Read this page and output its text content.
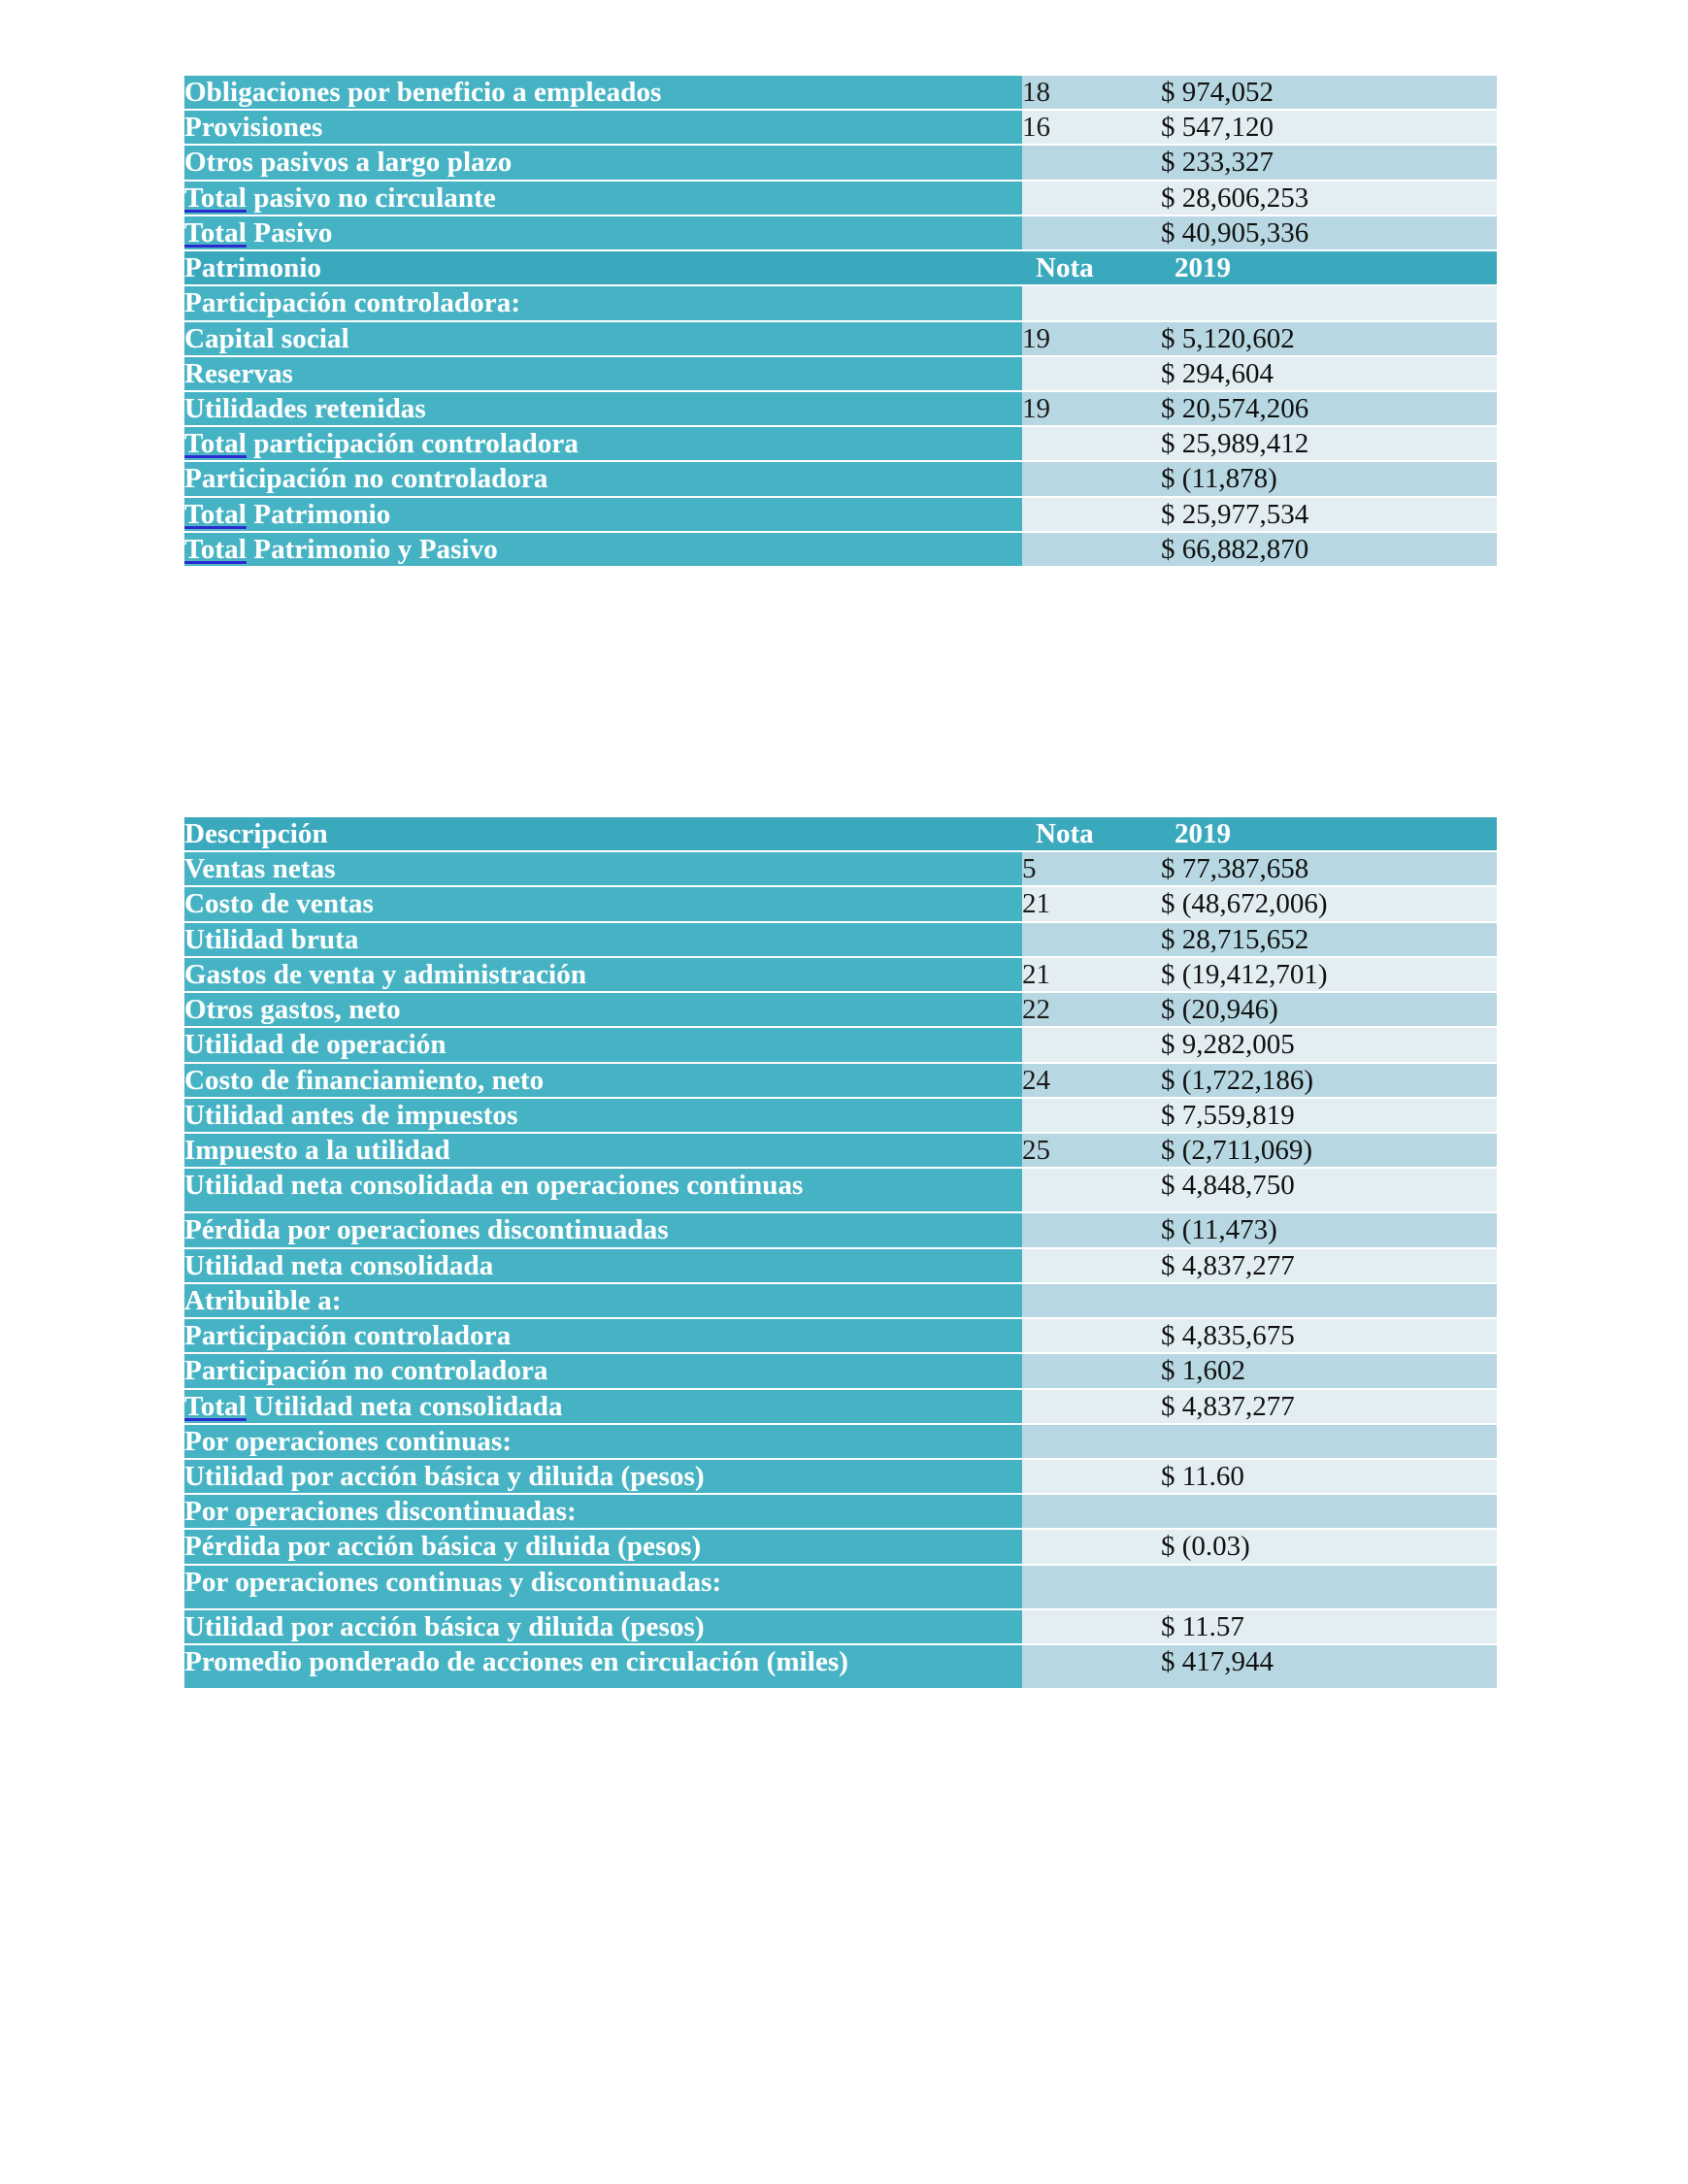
Obligaciones por beneficio a empleados	18	$ 974,052
Provisiones	16	$ 547,120
Otros pasivos a largo plazo		$ 233,327
Total pasivo no circulante		$ 28,606,253
Total Pasivo		$ 40,905,336
Patrimonio	Nota	2019
Participación controladora:		
Capital social	19	$ 5,120,602
Reservas		$ 294,604
Utilidades retenidas	19	$ 20,574,206
Total participación controladora		$ 25,989,412
Participación no controladora		$ (11,878)
Total Patrimonio		$ 25,977,534
Total Patrimonio y Pasivo		$ 66,882,870
Descripción	Nota	2019
Ventas netas	5	$ 77,387,658
Costo de ventas	21	$ (48,672,006)
Utilidad bruta		$ 28,715,652
Gastos de venta y administración	21	$ (19,412,701)
Otros gastos, neto	22	$ (20,946)
Utilidad de operación		$ 9,282,005
Costo de financiamiento, neto	24	$ (1,722,186)
Utilidad antes de impuestos		$ 7,559,819
Impuesto a la utilidad	25	$ (2,711,069)
Utilidad neta consolidada en operaciones continuas		$ 4,848,750
Pérdida por operaciones discontinuadas		$ (11,473)
Utilidad neta consolidada		$ 4,837,277
Atribuible a:		
Participación controladora		$ 4,835,675
Participación no controladora		$ 1,602
Total Utilidad neta consolidada		$ 4,837,277
Por operaciones continuas:		
Utilidad por acción básica y diluida (pesos)		$ 11.60
Por operaciones discontinuadas:		
Pérdida por acción básica y diluida (pesos)		$ (0.03)
Por operaciones continuas y discontinuadas:		
Utilidad por acción básica y diluida (pesos)		$ 11.57
Promedio ponderado de acciones en circulación (miles)		$ 417,944
